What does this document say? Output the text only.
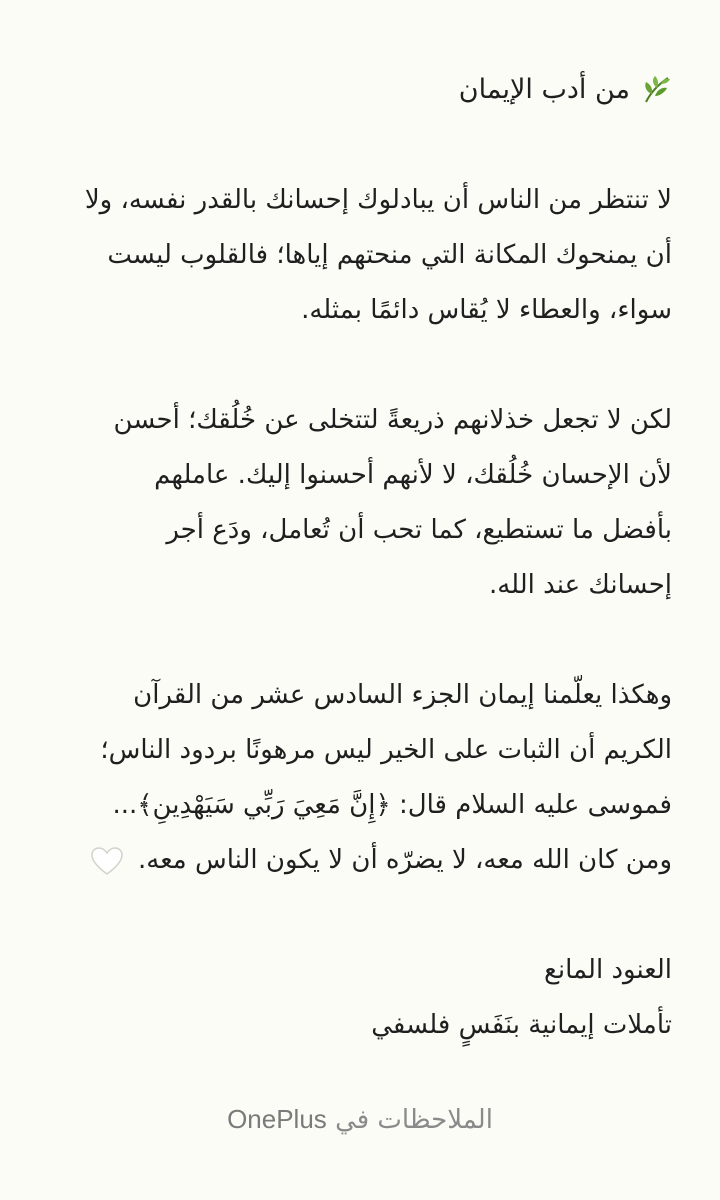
من أدب الإيمان

لا تنتظر من الناس أن يبادلوك إحسانك بالقدر نفسه، ولا
أن يمنحوك المكانة التي منحتهم إياها؛ فالقلوب ليست
سواء، والعطاء لا يُقاس دائمًا بمثله.

لكن لا تجعل خذلانهم ذريعةً لتتخلى عن خُلُقك؛ أحسن
لأن الإحسان خُلُقك، لا لأنهم أحسنوا إليك. عاملهم
بأفضل ما تستطيع، كما تحب أن تُعامل، ودَع أجر
إحسانك عند الله.

وهكذا يعلّمنا إيمان الجزء السادس عشر من القرآن
الكريم أن الثبات على الخير ليس مرهونًا بردود الناس؛
فموسى عليه السلام قال: ﴿إِنَّ مَعِيَ رَبِّي سَيَهْدِينِ﴾...
ومن كان الله معه، لا يضرّه أن لا يكون الناس معه.

العنود المانع
تأملات إيمانية بنَفَسٍ فلسفي

الملاحظات في OnePlus
